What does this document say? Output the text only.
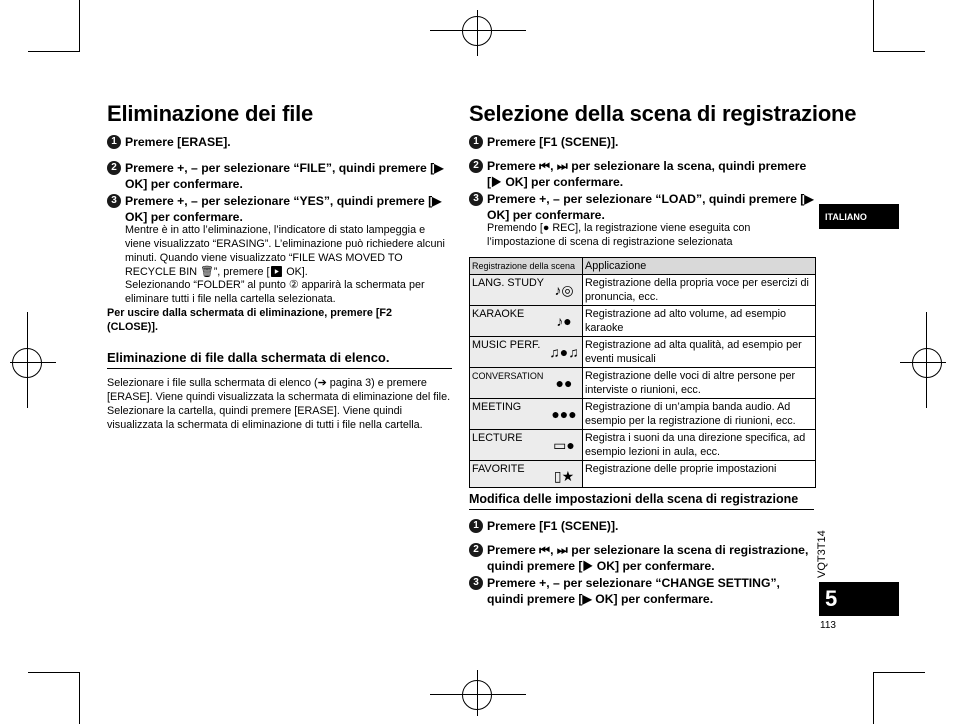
Eliminazione dei file
1 Premere [ERASE].
2 Premere +, – per selezionare “FILE”, quindi premere [▶ OK] per confermare.
3 Premere +, – per selezionare “YES”, quindi premere [▶ OK] per confermare.
Mentre è in atto l’eliminazione, l’indicatore di stato lampeggia e viene visualizzato “ERASING”. L’eliminazione può richiedere alcuni minuti. Quando viene visualizzato “FILE WAS MOVED TO RECYCLE BIN 🗑”, premere [▶ OK].
Selezionando “FOLDER” al punto ② apparirà la schermata per eliminare tutti i file nella cartella selezionata.
Per uscire dalla schermata di eliminazione, premere [F2 (CLOSE)].
Eliminazione di file dalla schermata di elenco.
Selezionare i file sulla schermata di elenco (➔ pagina 3) e premere [ERASE]. Viene quindi visualizzata la schermata di eliminazione del file. Selezionare la cartella, quindi premere [ERASE]. Viene quindi visualizzata la schermata di eliminazione di tutti i file nella cartella.
Selezione della scena di registrazione
1 Premere [F1 (SCENE)].
2 Premere ⏮, ⏭ per selezionare la scena, quindi premere [▶ OK] per confermare.
3 Premere +, – per selezionare “LOAD”, quindi premere [▶ OK] per confermare.
Premendo [● REC], la registrazione viene eseguita con l’impostazione di scena di registrazione selezionata
Registrazione della scena	Applicazione

LANG. STUDY ♪◎	Registrazione della propria voce per esercizi di pronuncia, ecc.

KARAOKE ♪●	Registrazione ad alto volume, ad esempio karaoke

MUSIC PERF. ♫●♫	Registrazione ad alta qualità, ad esempio per eventi musicali

CONVERSATION ●●	Registrazione delle voci di altre persone per interviste o riunioni, ecc.

MEETING ●●●	Registrazione di un’ampia banda audio. Ad esempio per la registrazione di riunioni, ecc.

LECTURE ▭●	Registra i suoni da una direzione specifica, ad esempio lezioni in aula, ecc.

FAVORITE ▯★	Registrazione delle proprie impostazioni
Modifica delle impostazioni della scena di registrazione
1 Premere [F1 (SCENE)].
2 Premere ⏮, ⏭ per selezionare la scena di registrazione, quindi premere [▶ OK] per confermare.
3 Premere +, – per selezionare “CHANGE SETTING”, quindi premere [▶ OK] per confermare.
ITALIANO
VQT3T14
5
113
